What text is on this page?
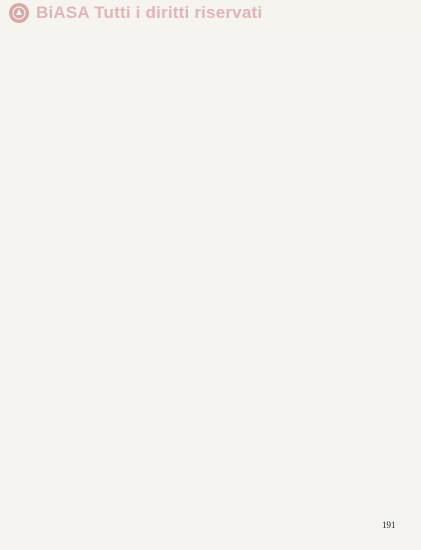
BiASA Tutti i diritti riservati
191
